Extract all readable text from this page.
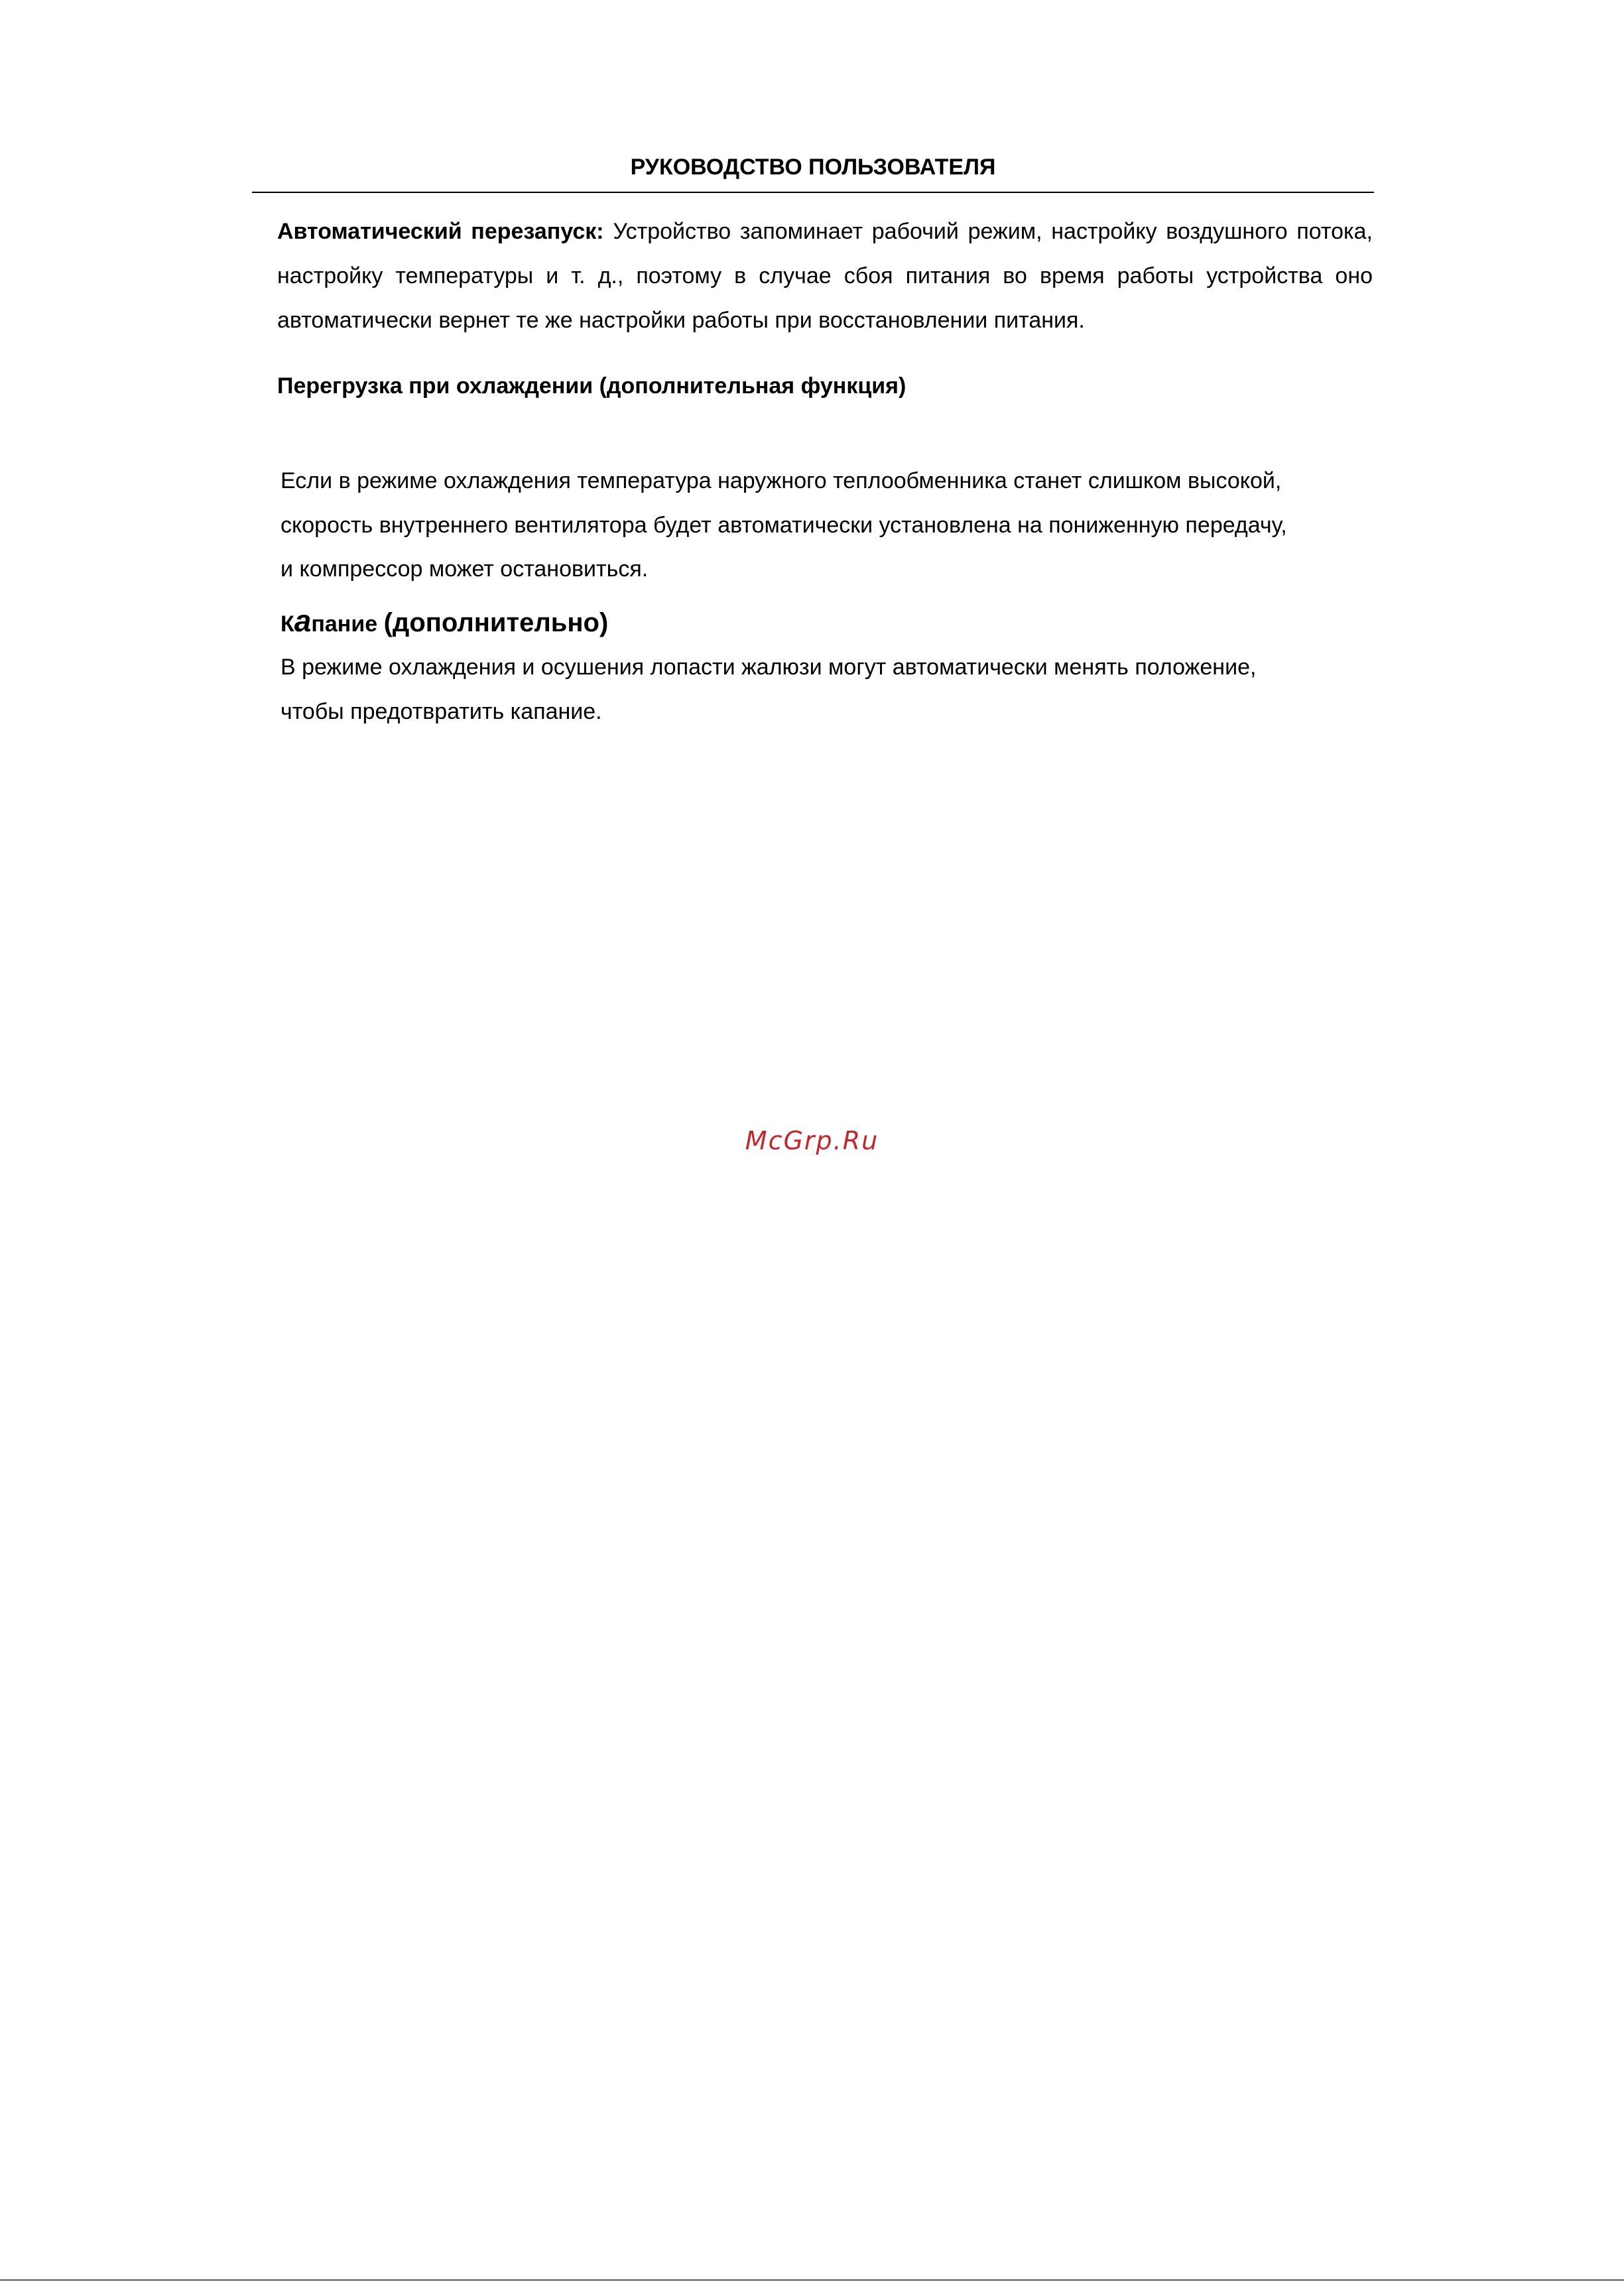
РУКОВОДСТВО ПОЛЬЗОВАТЕЛЯ

Автоматический перезапуск: Устройство запоминает рабочий режим, настройку воздушного потока, настройку температуры и т. д., поэтому в случае сбоя питания во время работы устройства оно автоматически вернет те же настройки работы при восстановлении питания.

Перегрузка при охлаждении (дополнительная функция)

Если в режиме охлаждения температура наружного теплообменника станет слишком высокой,

скорость внутреннего вентилятора будет автоматически установлена на пониженную передачу,

и компрессор может остановиться.

Капание (дополнительно)

В режиме охлаждения и осушения лопасти жалюзи могут автоматически менять положение,

чтобы предотвратить капание.

McGrp.Ru
